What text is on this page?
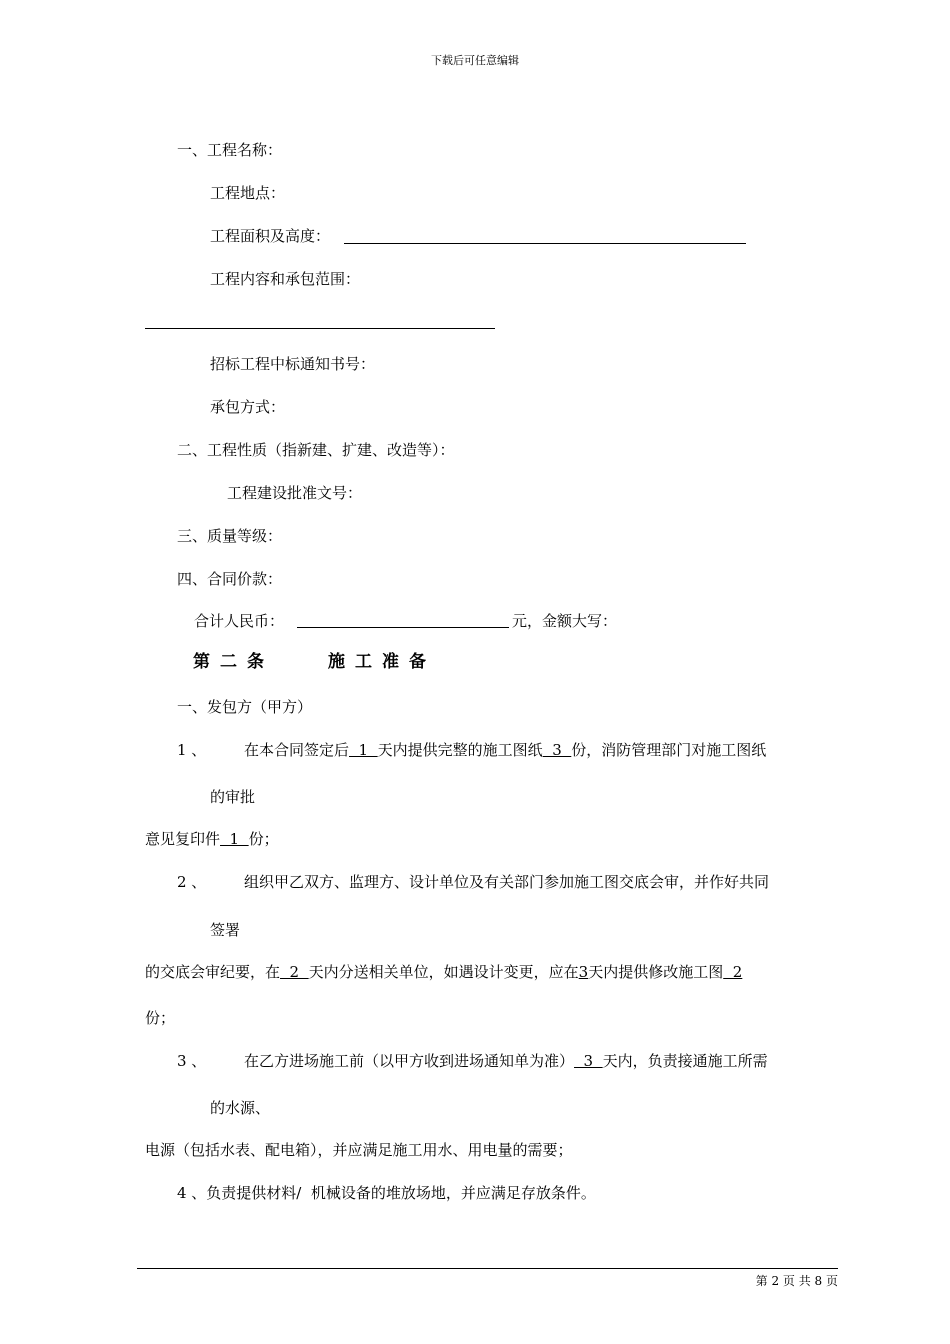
下载后可任意编辑
一、工程名称：
工程地点：
工程面积及高度：
工程内容和承包范围：
招标工程中标通知书号：
承包方式：
二、工程性质（指新建、扩建、改造等）：
工程建设批准文号：
三、质量等级：
四、合同价款：
合计人民币：	元，金额大写：
第二条	施工准备
一、发包方（甲方）
1 、	在本合同签定后  1  天内提供完整的施工图纸  3  份，消防管理部门对施工图纸
的审批
意见复印件  1  份；
2 、	组织甲乙双方、监理方、设计单位及有关部门参加施工图交底会审，并作好共同
签署
的交底会审纪要，在  2  天内分送相关单位，如遇设计变更，应在3天内提供修改施工图  2
份；
3 、	在乙方进场施工前（以甲方收到进场通知单为准）  3  天内，负责接通施工所需
的水源、
电源（包括水表、配电箱），并应满足施工用水、用电量的需要；
4 、负责提供材料/  机械设备的堆放场地，并应满足存放条件。
第 2 页 共 8 页
